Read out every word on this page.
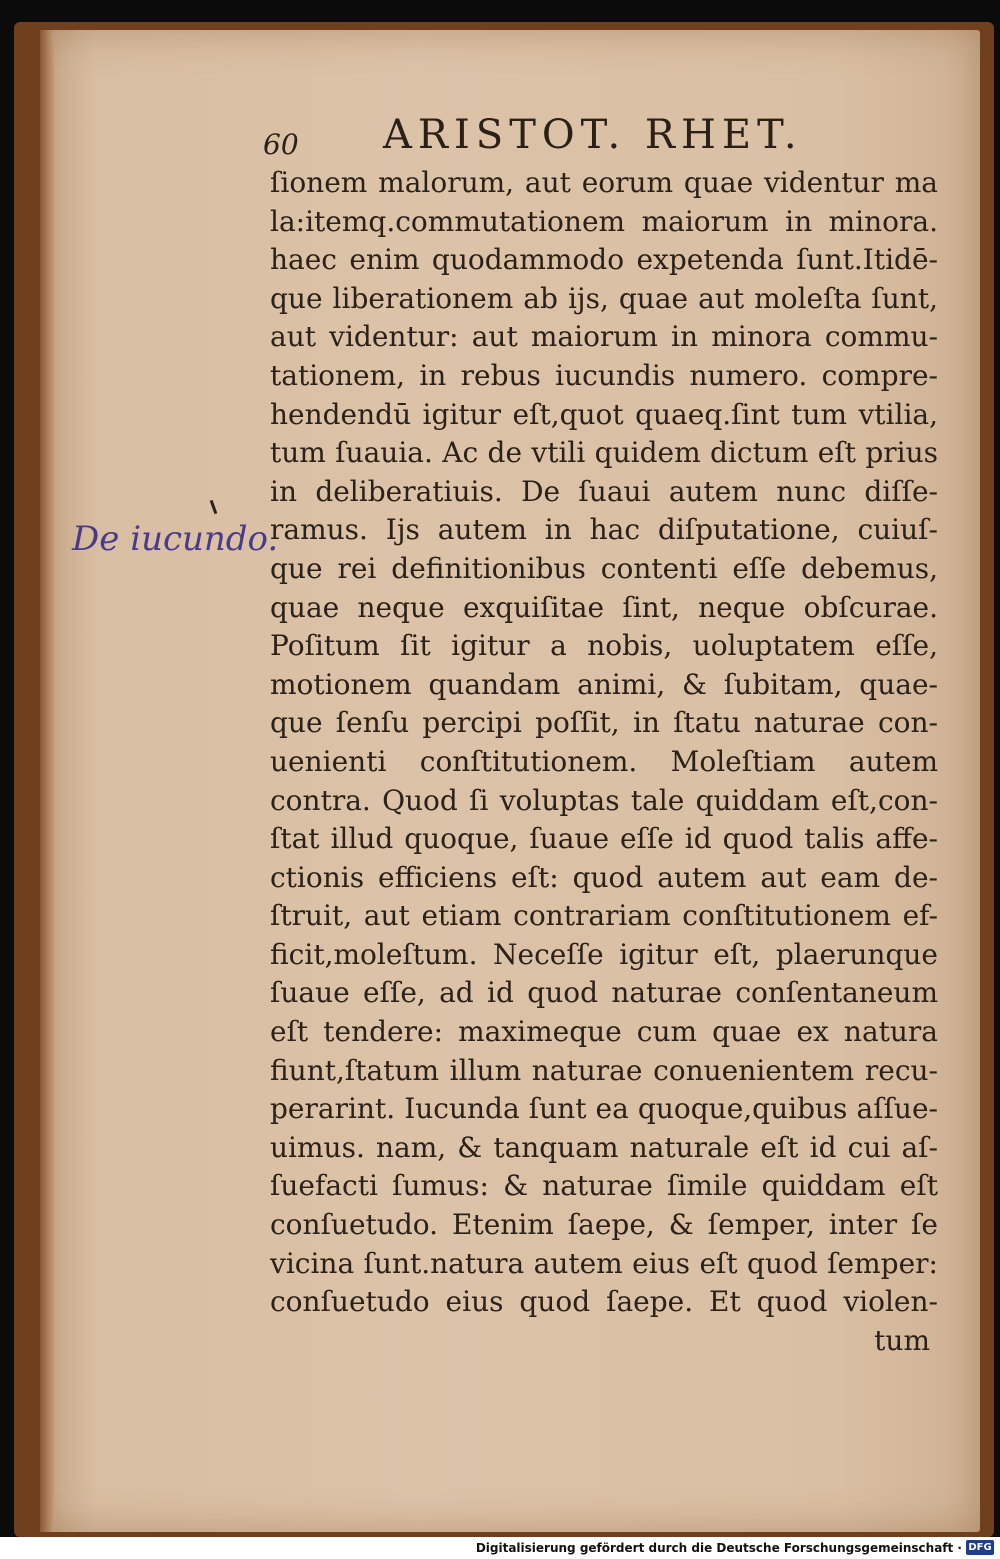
60 ARISTOT. RHET.
De iucundo.
ſionem malorum, aut eorum quae videntur ma
la:itemq.commutationem maiorum in minora.
haec enim quodammodo expetenda ſunt.Itidē-
que liberationem ab ijs, quae aut moleſta ſunt,
aut videntur: aut maiorum in minora commu-
tationem, in rebus iucundis numero. compre-
hendendū igitur eſt,quot quaeq.ſint tum vtilia,
tum ſuauia. Ac de vtili quidem dictum eſt prius
in deliberatiuis. De ſuaui autem nunc diſſe-
ramus. Ijs autem in hac diſputatione, cuiuſ-
que rei definitionibus contenti eſſe debemus,
quae neque exquiſitae ſint, neque obſcurae.
Poſitum ſit igitur a nobis, uoluptatem eſſe,
motionem quandam animi, & ſubitam, quae-
que ſenſu percipi poſſit, in ſtatu naturae con-
uenienti conſtitutionem. Moleſtiam autem
contra. Quod ſi voluptas tale quiddam eſt,con-
ſtat illud quoque, ſuaue eſſe id quod talis affe-
ctionis efficiens eſt: quod autem aut eam de-
ſtruit, aut etiam contrariam conſtitutionem ef-
ficit,moleſtum. Neceſſe igitur eſt, plaerunque
ſuaue eſſe, ad id quod naturae conſentaneum
eſt tendere: maximeque cum quae ex natura
fiunt,ſtatum illum naturae conuenientem recu-
perarint. Iucunda ſunt ea quoque,quibus aſſue-
uimus. nam, & tanquam naturale eſt id cui aſ-
ſuefacti ſumus: & naturae ſimile quiddam eſt
conſuetudo. Etenim ſaepe, & ſemper, inter ſe
vicina ſunt.natura autem eius eſt quod ſemper:
conſuetudo eius quod ſaepe. Et quod violen-
tum
Digitalisierung gefördert durch die Deutsche Forschungsgemeinschaft · DFG
